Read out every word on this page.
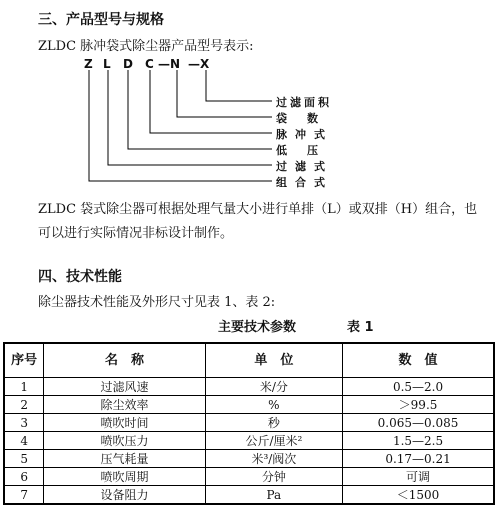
三、产品型号与规格
ZLDC 脉冲袋式除尘器产品型号表示:
Z L D C —N —X
过滤面积
袋数
脉冲式
低压
过滤式
组合式
ZLDC 袋式除尘器可根据处理气量大小进行单排（L）或双排（H）组合，也
可以进行实际情况非标设计制作。
四、技术性能
除尘器技术性能及外形尺寸见表 1、表 2:
主要技术参数	表 1
序号	名　称	单　位	数　值
1	过滤风速	米/分	0.5—2.0
2	除尘效率	%	＞99.5
3	喷吹时间	秒	0.065—0.085
4	喷吹压力	公斤/厘米²	1.5—2.5
5	压气耗量	米³/阀次	0.17—0.21
6	喷吹周期	分钟	可调
7	设备阻力	Pa	＜1500
